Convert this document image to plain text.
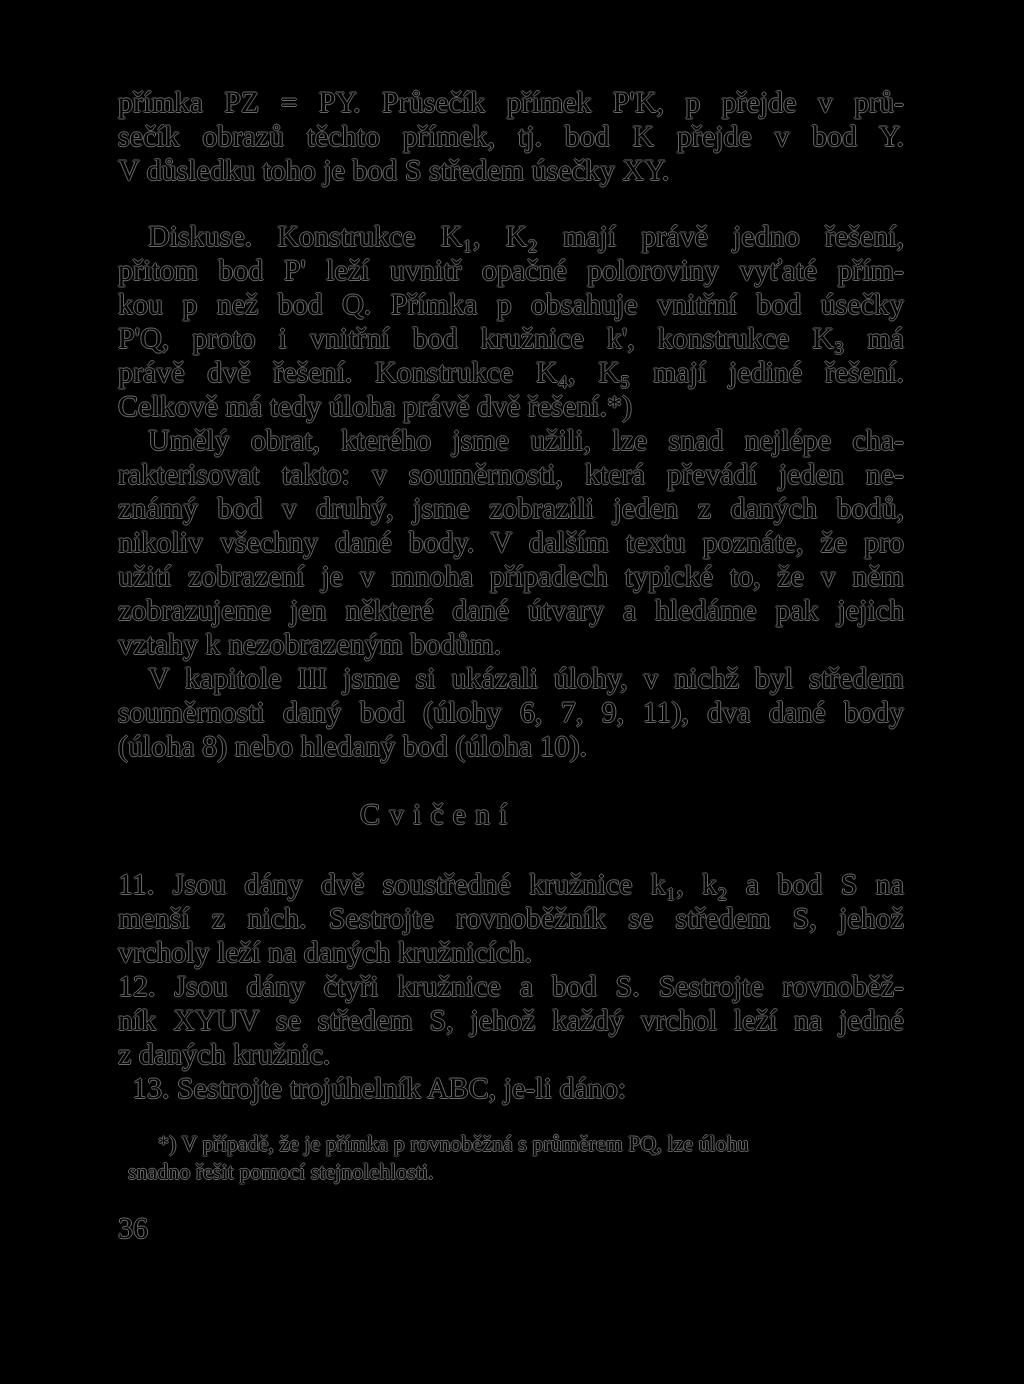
přímka PZ = PY. Průsečík přímek P'K, p přejde v prů-
sečík obrazů těchto přímek, tj. bod K přejde v bod Y.
V důsledku toho je bod S středem úsečky XY.
Diskuse. Konstrukce K₁, K₂ mají právě jedno řešení,
přitom bod P' leží uvnitř opačné poloroviny vyťaté přím-
kou p než bod Q. Přímka p obsahuje vnitřní bod úsečky
P'Q, proto i vnitřní bod kružnice k', konstrukce K₃ má
právě dvě řešení. Konstrukce K₄, K₅ mají jediné řešení.
Celkově má tedy úloha právě dvě řešení.*)
Umělý obrat, kterého jsme užili, lze snad nejlépe cha-
rakterisovat takto: v souměrnosti, která převádí jeden ne-
známý bod v druhý, jsme zobrazili jeden z daných bodů,
nikoliv všechny dané body. V dalším textu poznáte, že pro
užití zobrazení je v mnoha případech typické to, že v něm
zobrazujeme jen některé dané útvary a hledáme pak jejich
vztahy k nezobrazeným bodům.
V kapitole III jsme si ukázali úlohy, v nichž byl středem
souměrnosti daný bod (úlohy 6, 7, 9, 11), dva dané body
(úloha 8) nebo hledaný bod (úloha 10).
Cvičení
11. Jsou dány dvě soustředné kružnice k₁, k₂ a bod S na
menší z nich. Sestrojte rovnoběžník se středem S, jehož
vrcholy leží na daných kružnicích.
12. Jsou dány čtyři kružnice a bod S. Sestrojte rovnoběž-
ník XYUV se středem S, jehož každý vrchol leží na jedné
z daných kružnic.
13. Sestrojte trojúhelník ABC, je-li dáno:
*) V případě, že je přímka p rovnoběžná s průměrem PQ, lze úlohu
snadno řešit pomocí stejnolehlosti.
36
